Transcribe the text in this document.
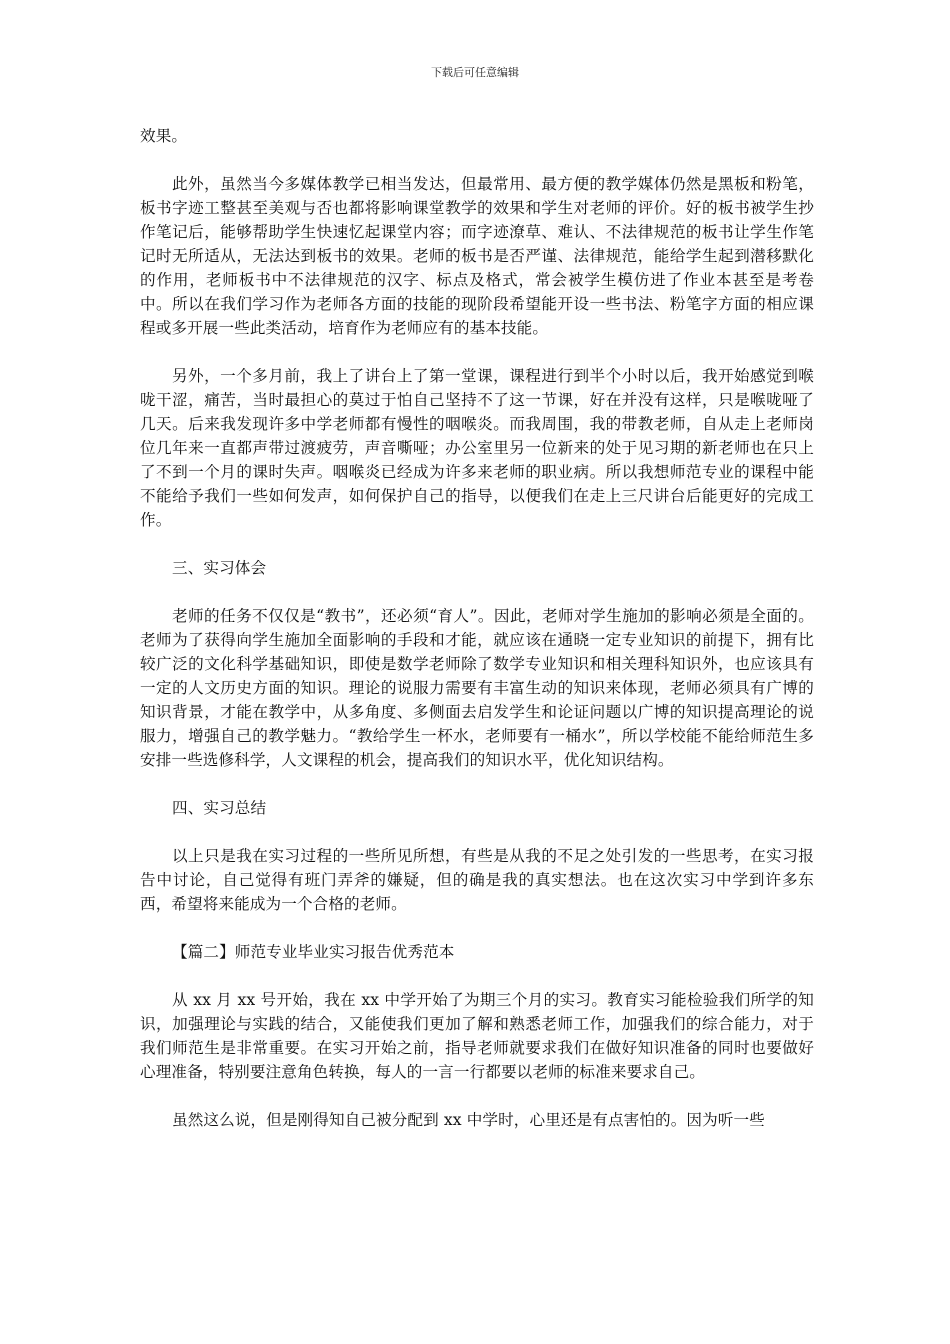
下载后可任意编辑

效果。

此外，虽然当今多媒体教学已相当发达，但最常用、最方便的教学媒体仍然是黑板和粉笔，板书字迹工整甚至美观与否也都将影响课堂教学的效果和学生对老师的评价。好的板书被学生抄作笔记后，能够帮助学生快速忆起课堂内容；而字迹潦草、难认、不法律规范的板书让学生作笔记时无所适从，无法达到板书的效果。老师的板书是否严谨、法律规范，能给学生起到潜移默化的作用，老师板书中不法律规范的汉字、标点及格式，常会被学生模仿进了作业本甚至是考卷中。所以在我们学习作为老师各方面的技能的现阶段希望能开设一些书法、粉笔字方面的相应课程或多开展一些此类活动，培育作为老师应有的基本技能。

另外，一个多月前，我上了讲台上了第一堂课，课程进行到半个小时以后，我开始感觉到喉咙干涩，痛苦，当时最担心的莫过于怕自己坚持不了这一节课，好在并没有这样，只是喉咙哑了几天。后来我发现许多中学老师都有慢性的咽喉炎。而我周围，我的带教老师，自从走上老师岗位几年来一直都声带过渡疲劳，声音嘶哑；办公室里另一位新来的处于见习期的新老师也在只上了不到一个月的课时失声。咽喉炎已经成为许多来老师的职业病。所以我想师范专业的课程中能不能给予我们一些如何发声，如何保护自己的指导，以便我们在走上三尺讲台后能更好的完成工作。

三、实习体会

老师的任务不仅仅是“教书”，还必须“育人”。因此，老师对学生施加的影响必须是全面的。老师为了获得向学生施加全面影响的手段和才能，就应该在通晓一定专业知识的前提下，拥有比较广泛的文化科学基础知识，即使是数学老师除了数学专业知识和相关理科知识外，也应该具有一定的人文历史方面的知识。理论的说服力需要有丰富生动的知识来体现，老师必须具有广博的知识背景，才能在教学中，从多角度、多侧面去启发学生和论证问题以广博的知识提高理论的说服力，增强自己的教学魅力。“教给学生一杯水，老师要有一桶水”，所以学校能不能给师范生多安排一些选修科学，人文课程的机会，提高我们的知识水平，优化知识结构。

四、实习总结

以上只是我在实习过程的一些所见所想，有些是从我的不足之处引发的一些思考，在实习报告中讨论，自己觉得有班门弄斧的嫌疑，但的确是我的真实想法。也在这次实习中学到许多东西，希望将来能成为一个合格的老师。

【篇二】师范专业毕业实习报告优秀范本

从 xx 月 xx 号开始，我在 xx 中学开始了为期三个月的实习。教育实习能检验我们所学的知识，加强理论与实践的结合，又能使我们更加了解和熟悉老师工作，加强我们的综合能力，对于我们师范生是非常重要。在实习开始之前，指导老师就要求我们在做好知识准备的同时也要做好心理准备，特别要注意角色转换，每人的一言一行都要以老师的标准来要求自己。

虽然这么说，但是刚得知自己被分配到 xx 中学时，心里还是有点害怕的。因为听一些
